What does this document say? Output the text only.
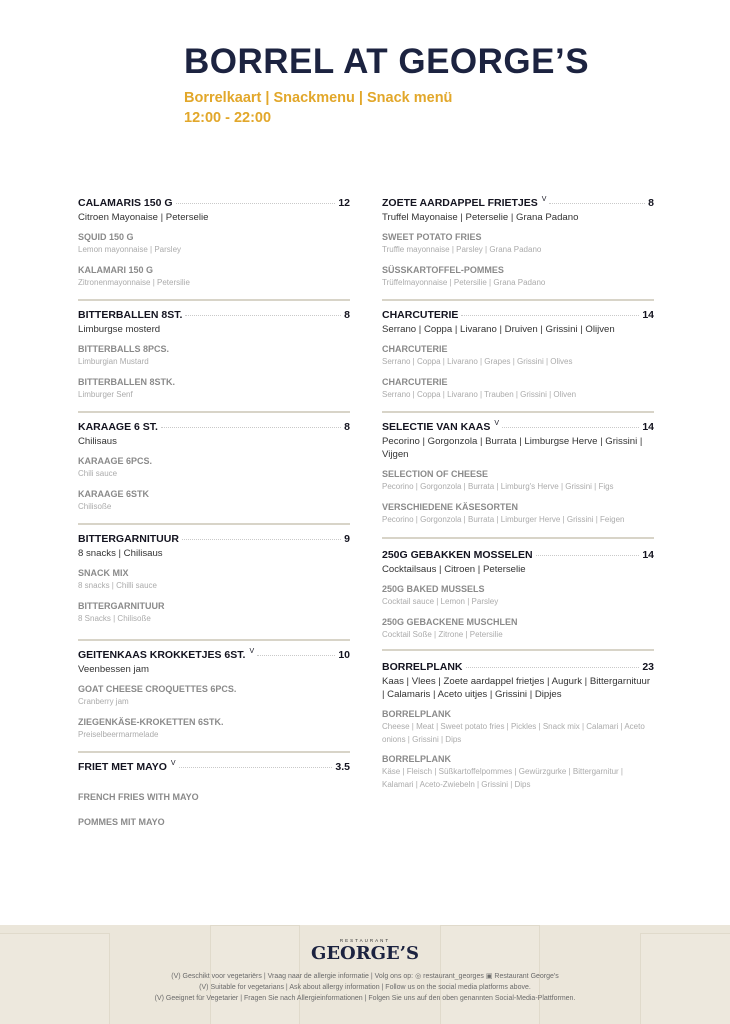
BORREL AT GEORGE’S
Borrelkaart | Snackmenu | Snack menü
12:00 - 22:00
CALAMARIS 150 G	12
Citroen Mayonaise | Peterselie
SQUID 150 G
Lemon mayonnaise | Parsley
KALAMARI 150 G
Zitronenmayonnaise | Petersilie
BITTERBALLEN 8ST.	8
Limburgse mosterd
BITTERBALLS 8PCS.
Limburgian Mustard
BITTERBALLEN 8STK.
Limburger Senf
KARAAGE 6 ST.	8
Chilisaus
KARAAGE 6PCS.
Chili sauce
KARAAGE 6STK
Chilisoße
BITTERGARNITUUR	9
8 snacks | Chilisaus
SNACK MIX
8 snacks | Chilli sauce
BITTERGARNITUUR
8 Snacks | Chilisoße
GEITENKAAS KROKKETJES 6ST. V	10
Veenbessen jam
GOAT CHEESE CROQUETTES 6PCS.
Cranberry jam
ZIEGENKÄSE-KROKETTEN 6STK.
Preiselbeermarmelade
FRIET MET MAYO V	3.5
FRENCH FRIES WITH MAYO
POMMES MIT MAYO
ZOETE AARDAPPEL FRIETJES V	8
Truffel Mayonaise | Peterselie | Grana Padano
SWEET POTATO FRIES
Truffle mayonnaise | Parsley | Grana Padano
SÜSSKARTOFFEL-POMMES
Trüffelmayonnaise | Petersilie | Grana Padano
CHARCUTERIE	14
Serrano | Coppa | Livarano | Druiven | Grissini | Olijven
CHARCUTERIE
Serrano | Coppa | Livarano | Grapes | Grissini | Olives
CHARCUTERIE
Serrano | Coppa | Livarano | Trauben | Grissini | Oliven
SELECTIE VAN KAAS V	14
Pecorino | Gorgonzola | Burrata | Limburgse Herve | Grissini | Vijgen
SELECTION OF CHEESE
Pecorino | Gorgonzola | Burrata | Limburg's Herve | Grissini | Figs
VERSCHIEDENE KÄSESORTEN
Pecorino | Gorgonzola | Burrata | Limburger Herve | Grissini | Feigen
250G GEBAKKEN MOSSELEN	14
Cocktailsaus | Citroen | Peterselie
250G BAKED MUSSELS
Cocktail sauce | Lemon | Parsley
250G GEBACKENE MUSCHLEN
Cocktail Soße | Zitrone | Petersilie
BORRELPLANK	23
Kaas | Vlees | Zoete aardappel frietjes | Augurk | Bittergarnituur | Calamaris | Aceto uitjes | Grissini | Dipjes
BORRELPLANK
Cheese | Meat | Sweet potato fries | Pickles | Snack mix | Calamari | Aceto onions | Grissini | Dips
BORRELPLANK
Käse | Fleisch | Süßkartoffelpommes | Gewürzgurke | Bittergarnitur | Kalamari | Aceto-Zwiebeln | Grissini | Dips
RESTAURANT
GEORGE’S
(V) Geschikt voor vegetariërs | Vraag naar de allergie informatie | Volg ons op: ◎ restaurant_georges ▣ Restaurant George's
(V) Suitable for vegetarians | Ask about allergy information | Follow us on the social media platforms above.
(V) Geeignet für Vegetarier | Fragen Sie nach Allergieinformationen | Folgen Sie uns auf den oben genannten Social-Media-Plattformen.
